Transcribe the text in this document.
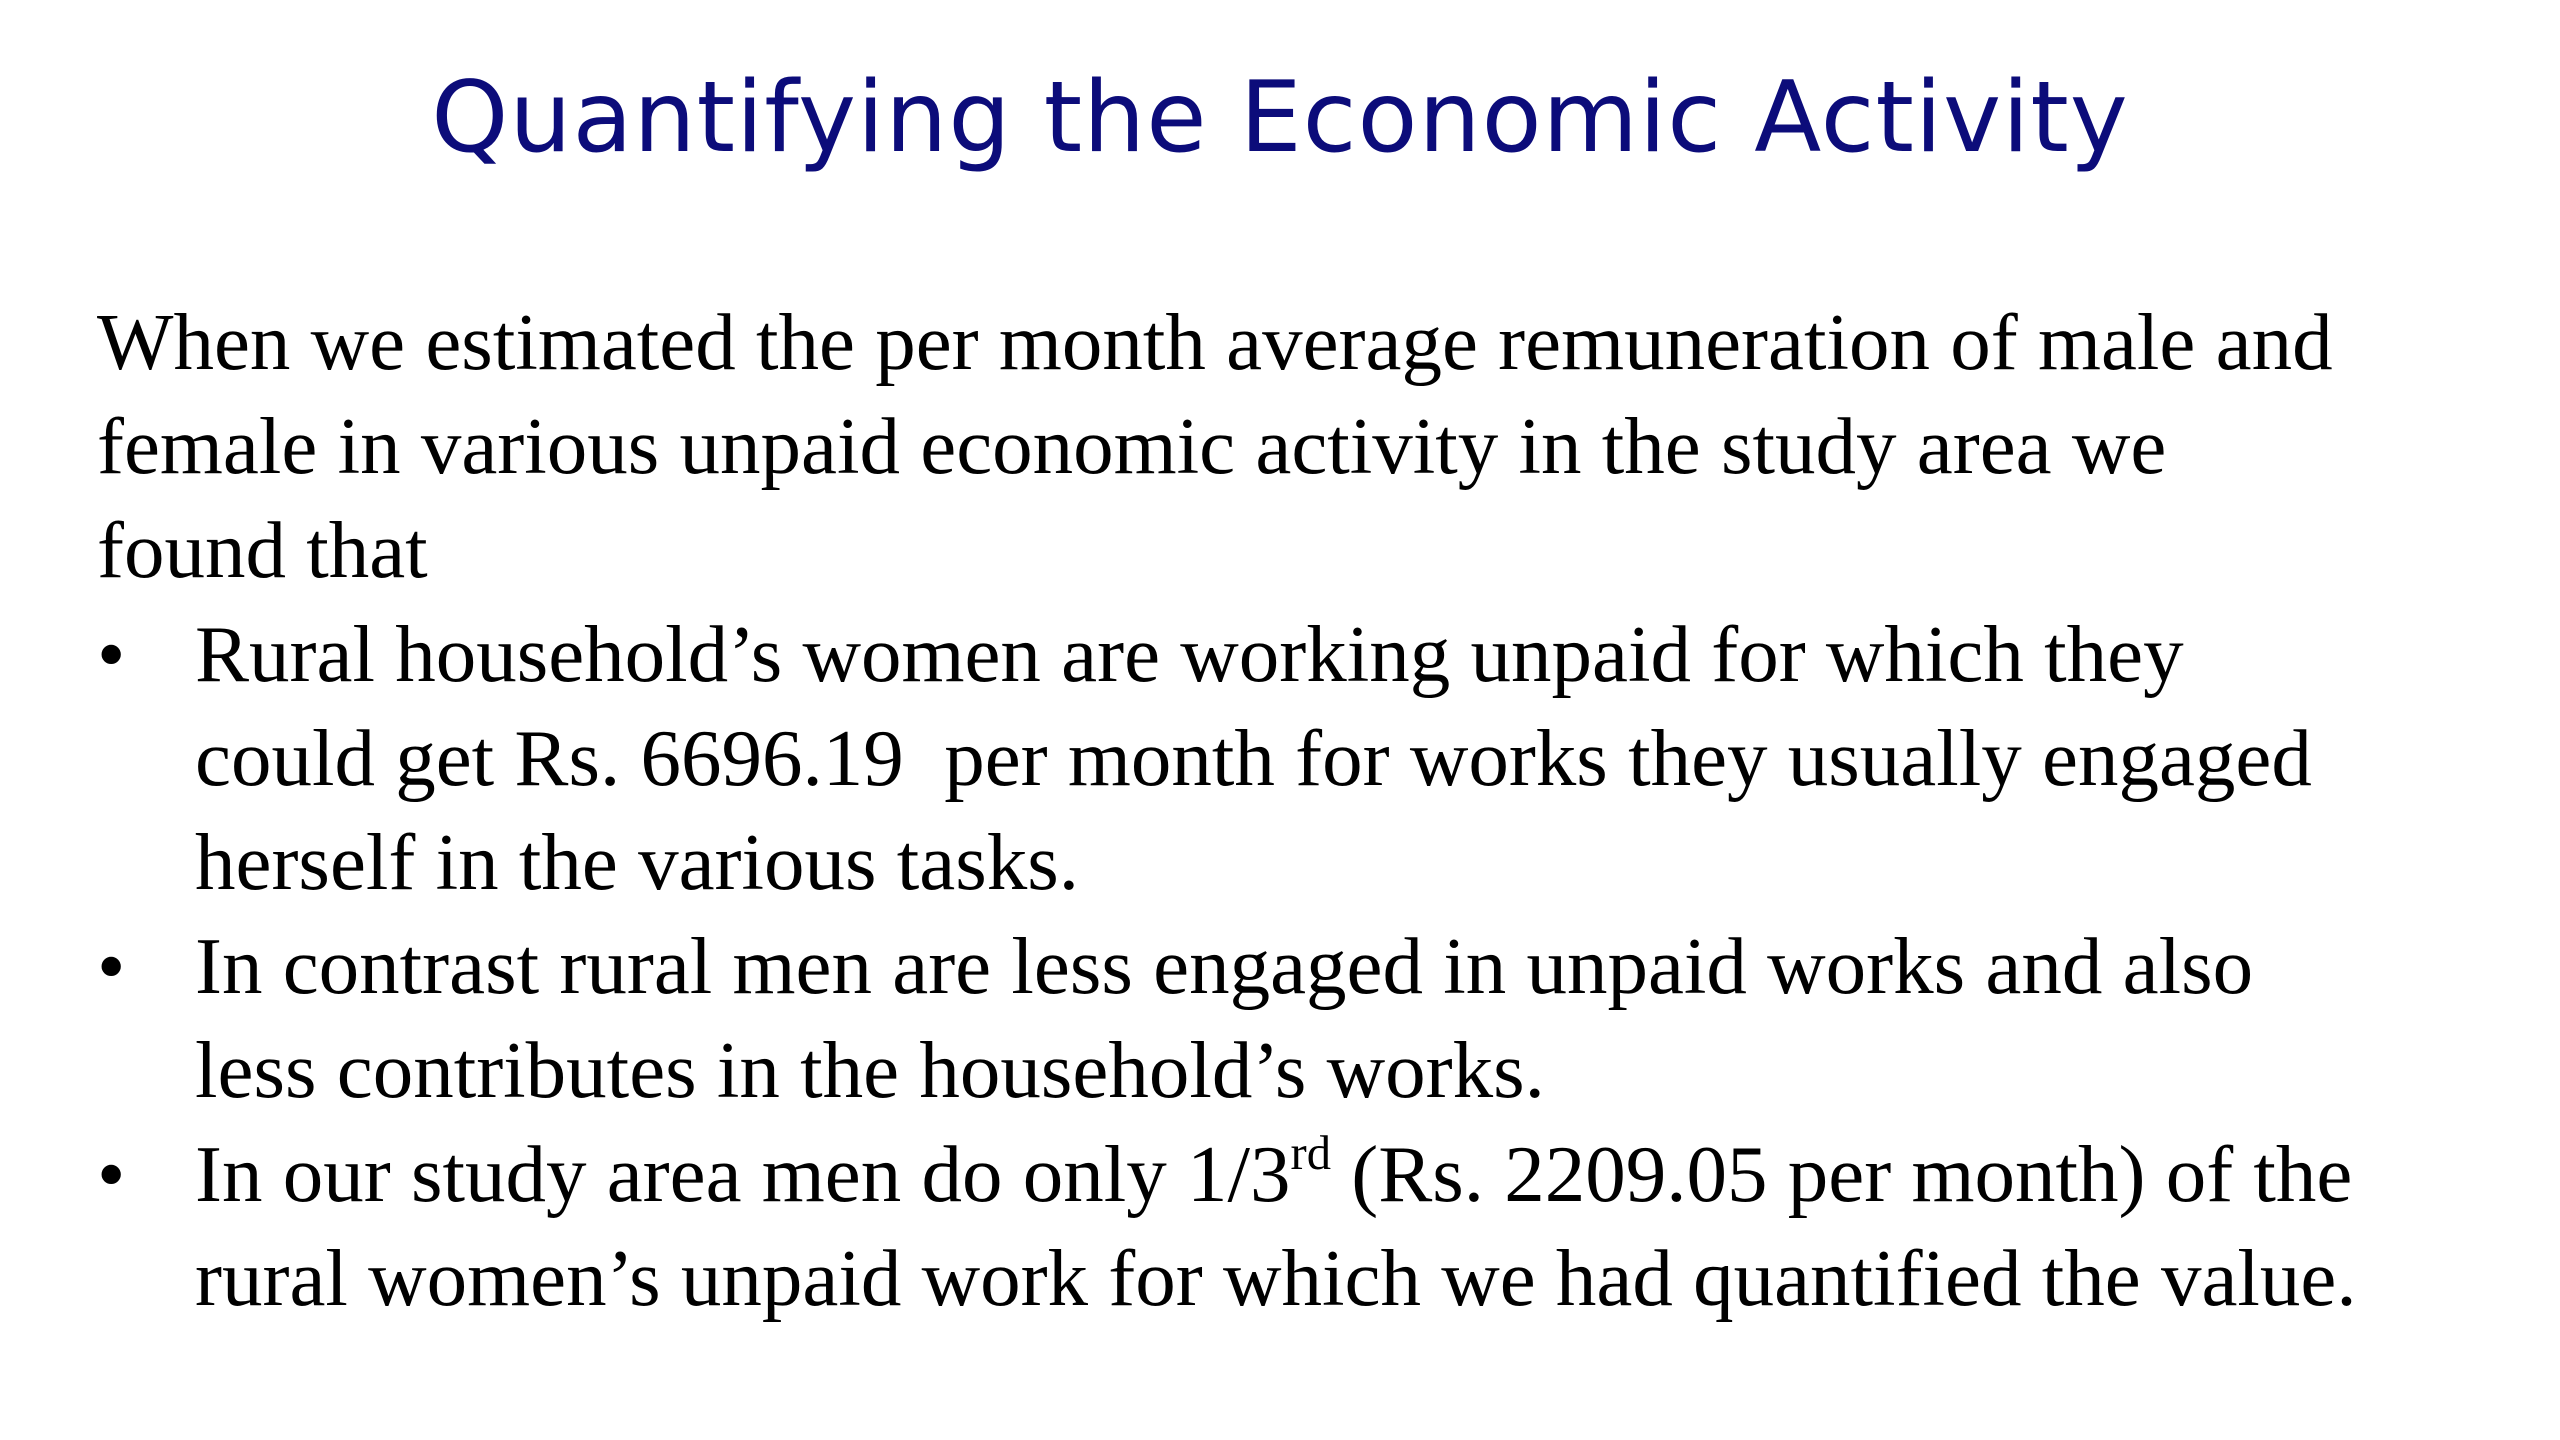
Quantifying the Economic Activity

When we estimated the per month average remuneration of male and

female in various unpaid economic activity in the study area we

found that

• Rural household’s women are working unpaid for which they
could get Rs. 6696.19  per month for works they usually engaged
herself in the various tasks.
• In contrast rural men are less engaged in unpaid works and also
less contributes in the household’s works.
• In our study area men do only 1/3rd (Rs. 2209.05 per month) of the
rural women’s unpaid work for which we had quantified the value.
